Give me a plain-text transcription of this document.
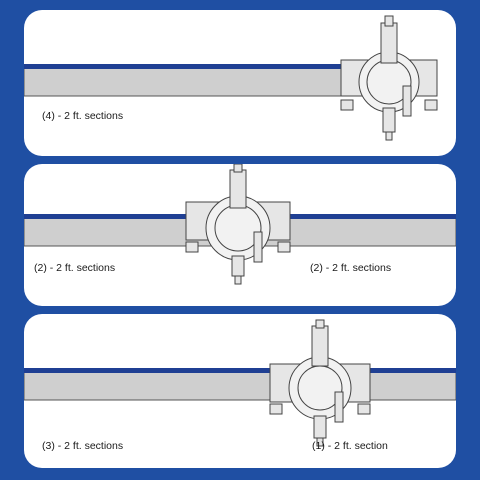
(4) - 2 ft. sections
(2) - 2 ft. sections	(2) - 2 ft. sections
(3) - 2 ft. sections	(1) - 2 ft. section
